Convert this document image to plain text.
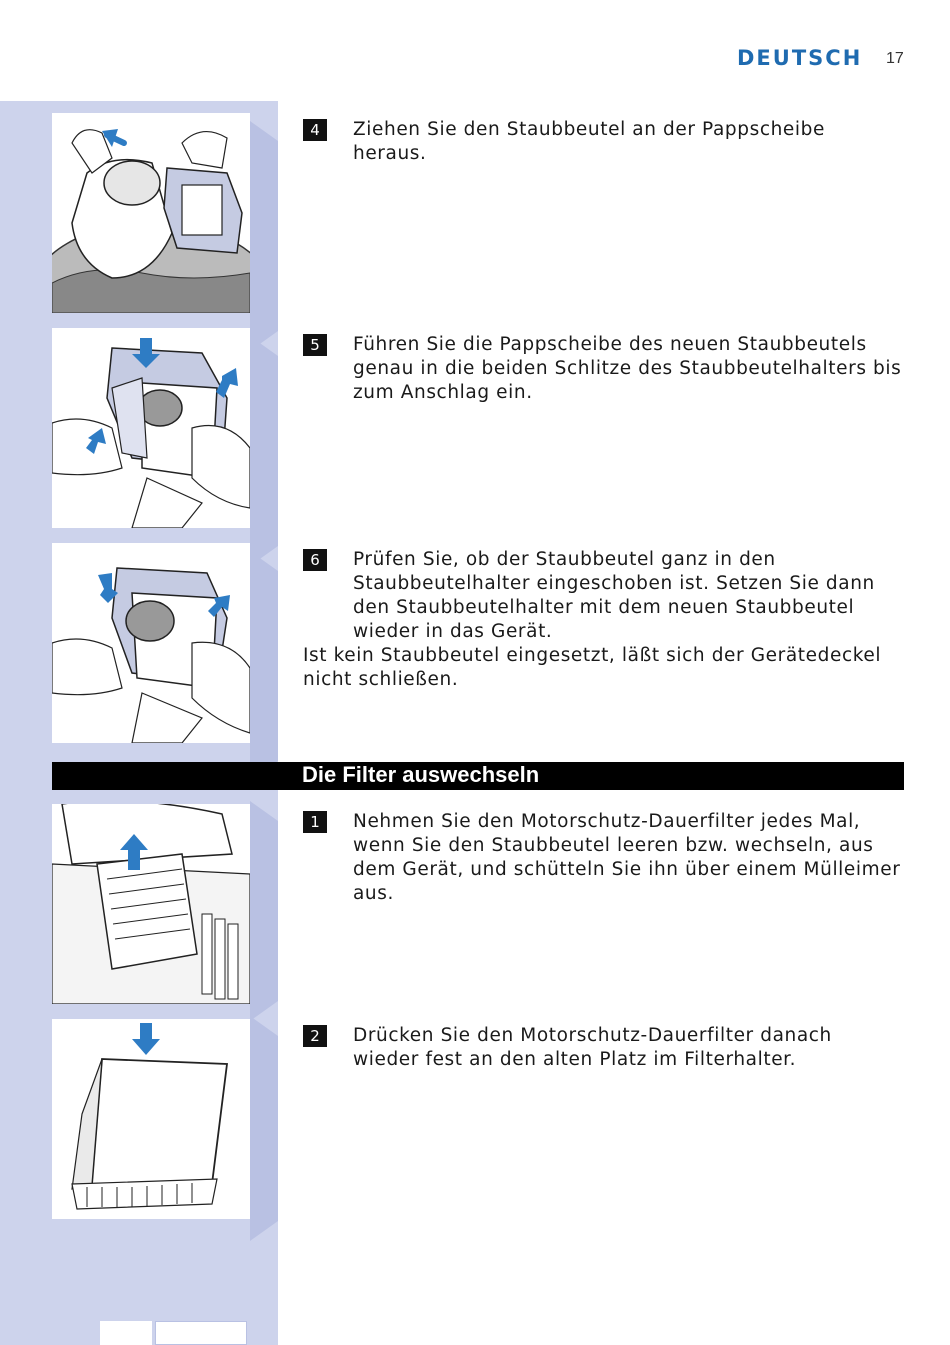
DEUTSCH 17
Die Filter auswechseln
4	Ziehen Sie den Staubbeutel an der Pappscheibe heraus.
5	Führen Sie die Pappscheibe des neuen Staubbeutels genau in die beiden Schlitze des Staubbeutelhalters bis zum Anschlag ein.
6	Prüfen Sie, ob der Staubbeutel ganz in den Staubbeutelhalter eingeschoben ist. Setzen Sie dann den Staubbeutelhalter mit dem neuen Staubbeutel wieder in das Gerät.
Ist kein Staubbeutel eingesetzt, läßt sich der Gerätedeckel nicht schließen.
1	Nehmen Sie den Motorschutz-Dauerfilter jedes Mal, wenn Sie den Staubbeutel leeren bzw. wechseln, aus dem Gerät, und schütteln Sie ihn über einem Mülleimer aus.
2	Drücken Sie den Motorschutz-Dauerfilter danach wieder fest an den alten Platz im Filterhalter.
